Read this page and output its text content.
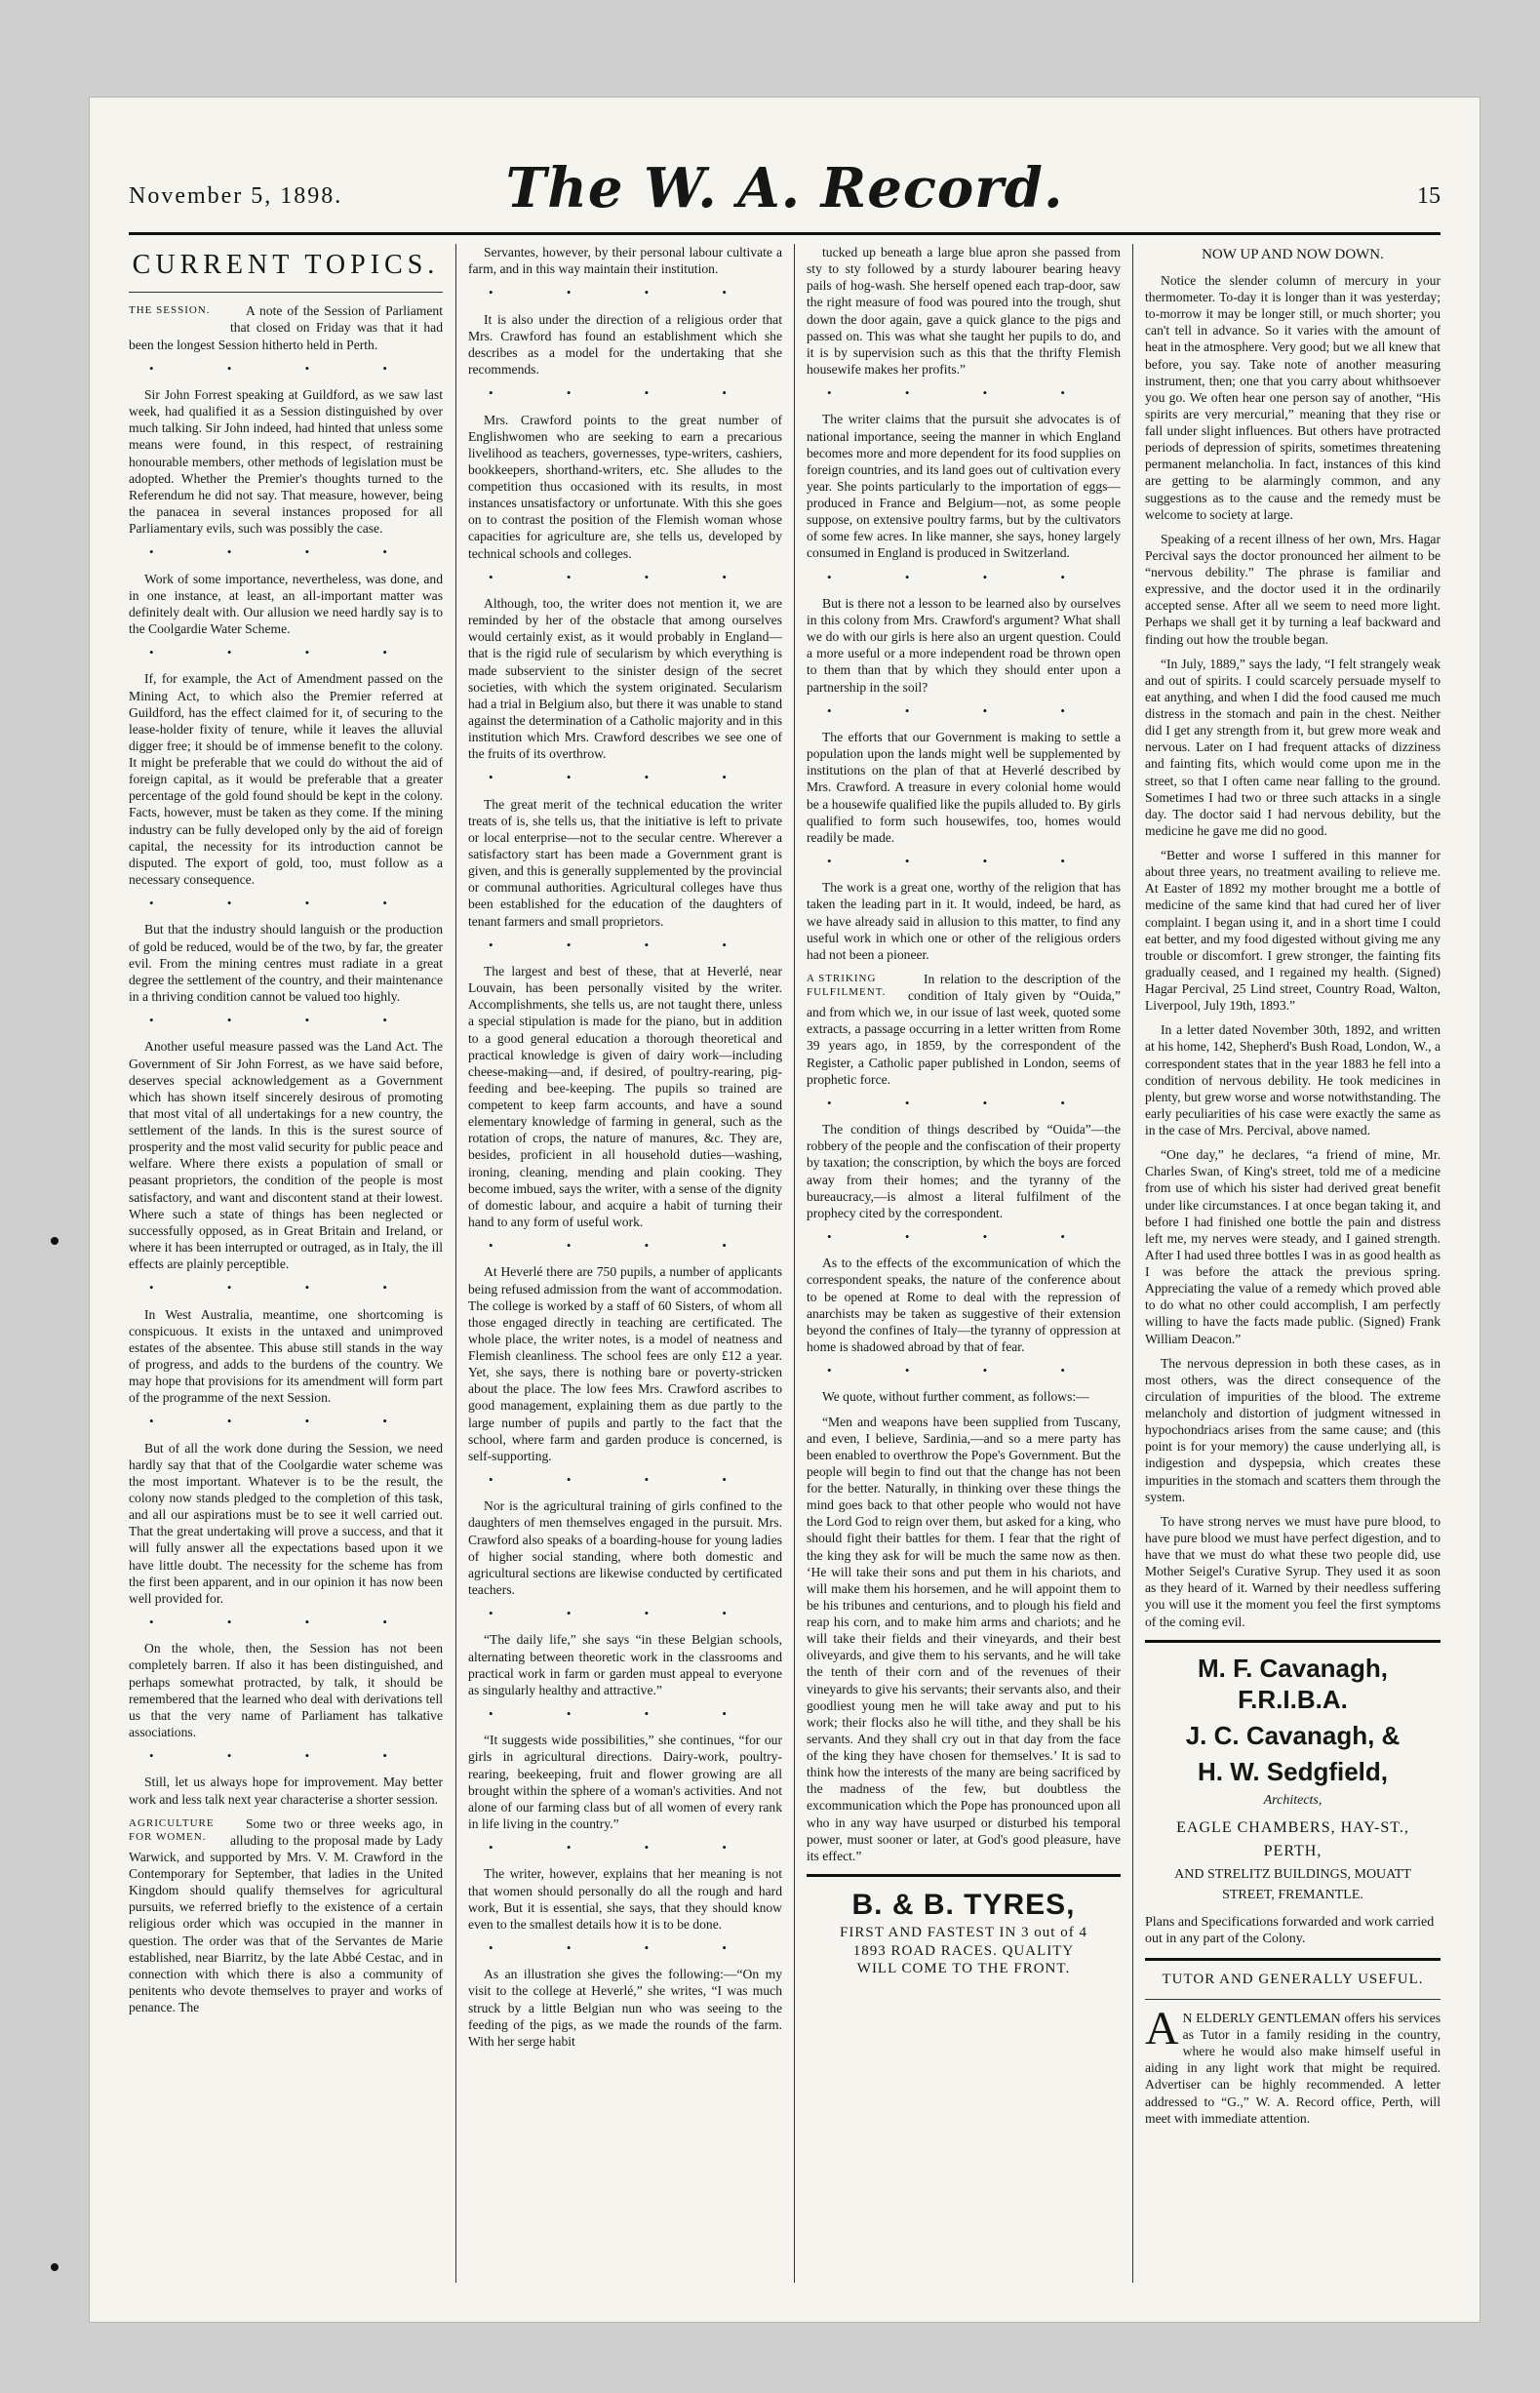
November 5, 1898.	The W. A. Record.	15
CURRENT TOPICS.
THE SESSION.	A note of the Session of Parliament that closed on Friday was that it had been the longest Session hitherto held in Perth.

• • • •

Sir John Forrest speaking at Guildford, as we saw last week, had qualified it as a Session distinguished by over much talking. Sir John indeed, had hinted that unless some means were found, in this respect, of restraining honourable members, other methods of legislation must be adopted. Whether the Premier's thoughts turned to the Referendum he did not say. That measure, however, being the panacea in several instances proposed for all Parliamentary evils, such was possibly the case.

• • • •

Work of some importance, nevertheless, was done, and in one instance, at least, an all-important matter was definitely dealt with. Our allusion we need hardly say is to the Coolgardie Water Scheme.

• • • •

If, for example, the Act of Amendment passed on the Mining Act, to which also the Premier referred at Guildford, has the effect claimed for it, of securing to the lease-holder fixity of tenure, while it leaves the alluvial digger free; it should be of immense benefit to the colony. It might be preferable that we could do without the aid of foreign capital, as it would be preferable that a greater percentage of the gold found should be kept in the colony. Facts, however, must be taken as they come. If the mining industry can be fully developed only by the aid of foreign capital, the necessity for its introduction cannot be disputed. The export of gold, too, must follow as a necessary consequence.

• • • •

But that the industry should languish or the production of gold be reduced, would be of the two, by far, the greater evil. From the mining centres must radiate in a great degree the settlement of the country, and their maintenance in a thriving condition cannot be valued too highly.

• • • •

Another useful measure passed was the Land Act. The Government of Sir John Forrest, as we have said before, deserves special acknowledgement as a Government which has shown itself sincerely desirous of promoting that most vital of all undertakings for a new country, the settlement of the lands. In this is the surest source of prosperity and the most valid security for public peace and welfare. Where there exists a population of small or peasant proprietors, the condition of the people is most satisfactory, and want and discontent stand at their lowest. Where such a state of things has been neglected or successfully opposed, as in Great Britain and Ireland, or where it has been interrupted or outraged, as in Italy, the ill effects are plainly perceptible.

• • • •

In West Australia, meantime, one shortcoming is conspicuous. It exists in the untaxed and unimproved estates of the absentee. This abuse still stands in the way of progress, and adds to the burdens of the country. We may hope that provisions for its amendment will form part of the programme of the next Session.

• • • •

But of all the work done during the Session, we need hardly say that that of the Coolgardie water scheme was the most important. Whatever is to be the result, the colony now stands pledged to the completion of this task, and all our aspirations must be to see it well carried out. That the great undertaking will prove a success, and that it will fully answer all the expectations based upon it we have little doubt. The necessity for the scheme has from the first been apparent, and in our opinion it has now been well provided for.

• • • •

On the whole, then, the Session has not been completely barren. If also it has been distinguished, and perhaps somewhat protracted, by talk, it should be remembered that the learned who deal with derivations tell us that the very name of Parliament has talkative associations.

• • • •

Still, let us always hope for improvement. May better work and less talk next year characterise a shorter session.

AGRICULTURE FOR WOMEN.

Some two or three weeks ago, in alluding to the proposal made by Lady Warwick, and supported by Mrs. V. M. Crawford in the Contemporary for September, that ladies in the United Kingdom should qualify themselves for agricultural pursuits, we referred briefly to the existence of a certain religious order which was occupied in the manner in question. The order was that of the Servantes de Marie established, near Biarritz, by the late Abbé Cestac, and in connection with which there is also a community of penitents who devote themselves to prayer and works of penance. The

Servantes, however, by their personal labour cultivate a farm, and in this way maintain their institution.

• • • •

It is also under the direction of a religious order that Mrs. Crawford has found an establishment which she describes as a model for the undertaking that she recommends.

• • • •

Mrs. Crawford points to the great number of Englishwomen who are seeking to earn a precarious livelihood as teachers, governesses, type-writers, cashiers, bookkeepers, shorthand-writers, etc. She alludes to the competition thus occasioned with its results, in most instances unsatisfactory or unfortunate. With this she goes on to contrast the position of the Flemish woman whose capacities for agriculture are, she tells us, developed by technical schools and colleges.

• • • •

Although, too, the writer does not mention it, we are reminded by her of the obstacle that among ourselves would certainly exist, as it would probably in England—that is the rigid rule of secularism by which everything is made subservient to the sinister design of the secret societies, with which the system originated. Secularism had a trial in Belgium also, but there it was unable to stand against the determination of a Catholic majority and in this institution which Mrs. Crawford describes we see one of the fruits of its overthrow.

• • • •

The great merit of the technical education the writer treats of is, she tells us, that the initiative is left to private or local enterprise—not to the secular centre. Wherever a satisfactory start has been made a Government grant is given, and this is generally supplemented by the provincial or communal authorities. Agricultural colleges have thus been established for the education of the daughters of tenant farmers and small proprietors.

• • • •

The largest and best of these, that at Heverlé, near Louvain, has been personally visited by the writer. Accomplishments, she tells us, are not taught there, unless a special stipulation is made for the piano, but in addition to a good general education a thorough theoretical and practical knowledge is given of dairy work—including cheese-making—and, if desired, of poultry-rearing, pig-feeding and bee-keeping. The pupils so trained are competent to keep farm accounts, and have a sound elementary knowledge of farming in general, such as the rotation of crops, the nature of manures, &c. They are, besides, proficient in all household duties—washing, ironing, cleaning, mending and plain cooking. They become imbued, says the writer, with a sense of the dignity of domestic labour, and acquire a habit of turning their hand to any form of useful work.

• • • •

At Heverlé there are 750 pupils, a number of applicants being refused admission from the want of accommodation. The college is worked by a staff of 60 Sisters, of whom all those engaged directly in teaching are certificated. The whole place, the writer notes, is a model of neatness and Flemish cleanliness. The school fees are only £12 a year. Yet, she says, there is nothing bare or poverty-stricken about the place. The low fees Mrs. Crawford ascribes to good management, explaining them as due partly to the large number of pupils and partly to the fact that the school, where farm and garden produce is concerned, is self-supporting.

• • • •

Nor is the agricultural training of girls confined to the daughters of men themselves engaged in the pursuit. Mrs. Crawford also speaks of a boarding-house for young ladies of higher social standing, where both domestic and agricultural sections are likewise conducted by certificated teachers.

• • • •

“The daily life,” she says “in these Belgian schools, alternating between theoretic work in the classrooms and practical work in farm or garden must appeal to everyone as singularly healthy and attractive.”

• • • •

“It suggests wide possibilities,” she continues, “for our girls in agricultural directions. Dairy-work, poultry-rearing, beekeeping, fruit and flower growing are all brought within the sphere of a woman's activities. And not alone of our farming class but of all women of every rank in life living in the country.”

• • • •

The writer, however, explains that her meaning is not that women should personally do all the rough and hard work, But it is essential, she says, that they should know even to the smallest details how it is to be done.

• • • •

As an illustration she gives the following:—“On my visit to the college at Heverlé,” she writes, “I was much struck by a little Belgian nun who was seeing to the feeding of the pigs, as we made the rounds of the farm. With her serge habit

tucked up beneath a large blue apron she passed from sty to sty followed by a sturdy labourer bearing heavy pails of hog-wash. She herself opened each trap-door, saw the right measure of food was poured into the trough, shut down the door again, gave a quick glance to the pigs and passed on. This was what she taught her pupils to do, and it is by supervision such as this that the thrifty Flemish housewife makes her profits.”

• • • •

The writer claims that the pursuit she advocates is of national importance, seeing the manner in which England becomes more and more dependent for its food supplies on foreign countries, and its land goes out of cultivation every year. She points particularly to the importation of eggs—produced in France and Belgium—not, as some people suppose, on extensive poultry farms, but by the cultivators of some few acres. In like manner, she says, honey largely consumed in England is produced in Switzerland.

• • • •

But is there not a lesson to be learned also by ourselves in this colony from Mrs. Crawford's argument? What shall we do with our girls is here also an urgent question. Could a more useful or a more independent road be thrown open to them than that by which they should enter upon a partnership in the soil?

• • • •

The efforts that our Government is making to settle a population upon the lands might well be supplemented by institutions on the plan of that at Heverlé described by Mrs. Crawford. A treasure in every colonial home would be a housewife qualified like the pupils alluded to. By girls qualified to form such housewifes, too, homes would readily be made.

• • • •

The work is a great one, worthy of the religion that has taken the leading part in it. It would, indeed, be hard, as we have already said in allusion to this matter, to find any useful work in which one or other of the religious orders had not been a pioneer.

A STRIKING FULFILMENT.

In relation to the description of the condition of Italy given by “Ouida,” and from which we, in our issue of last week, quoted some extracts, a passage occurring in a letter written from Rome 39 years ago, in 1859, by the correspondent of the Register, a Catholic paper published in London, seems of prophetic force.

• • • •

The condition of things described by “Ouida”—the robbery of the people and the confiscation of their property by taxation; the conscription, by which the boys are forced away from their homes; and the tyranny of the bureaucracy,—is almost a literal fulfilment of the prophecy cited by the correspondent.

• • • •

As to the effects of the excommunication of which the correspondent speaks, the nature of the conference about to be opened at Rome to deal with the repression of anarchists may be taken as suggestive of their extension beyond the confines of Italy—the tyranny of oppression at home is shadowed abroad by that of fear.

• • • •

We quote, without further comment, as follows:—

“Men and weapons have been supplied from Tuscany, and even, I believe, Sardinia,—and so a mere party has been enabled to overthrow the Pope's Government. But the people will begin to find out that the change has not been for the better. Naturally, in thinking over these things the mind goes back to that other people who would not have the Lord God to reign over them, but asked for a king, who should fight their battles for them. I fear that the right of the king they ask for will be much the same now as then. ‘He will take their sons and put them in his chariots, and will make them his horsemen, and he will appoint them to be his tribunes and centurions, and to plough his field and reap his corn, and to make him arms and chariots; and he will take their fields and their vineyards, and their best oliveyards, and give them to his servants, and he will take the tenth of their corn and of the revenues of their vineyards to give his servants; their servants also, and their goodliest young men he will take away and put to his work; their flocks also he will tithe, and they shall be his servants. And they shall cry out in that day from the face of the king they have chosen for themselves.’ It is sad to think how the interests of the many are being sacrificed by the madness of the few, but doubtless the excommunication which the Pope has pronounced upon all who in any way have usurped or disturbed his temporal power, must sooner or later, at God's good pleasure, have its effect.”

B. & B. TYRES,
FIRST AND FASTEST IN 3 out of 4
1893 ROAD RACES. QUALITY
WILL COME TO THE FRONT.
NOW UP AND NOW DOWN.

Notice the slender column of mercury in your thermometer. To-day it is longer than it was yesterday; to-morrow it may be longer still, or much shorter; you can't tell in advance. So it varies with the amount of heat in the atmosphere. Very good; but we all knew that before, you say. Take note of another measuring instrument, then; one that you carry about whithsoever you go. We often hear one person say of another, “His spirits are very mercurial,” meaning that they rise or fall under slight influences. But others have protracted periods of depression of spirits, sometimes threatening permanent melancholia. In fact, instances of this kind are getting to be alarmingly common, and any suggestions as to the cause and the remedy must be welcome to society at large.

Speaking of a recent illness of her own, Mrs. Hagar Percival says the doctor pronounced her ailment to be “nervous debility.” The phrase is familiar and expressive, and the doctor used it in the ordinarily accepted sense. After all we seem to need more light. Perhaps we shall get it by turning a leaf backward and finding out how the trouble began.

“In July, 1889,” says the lady, “I felt strangely weak and out of spirits. I could scarcely persuade myself to eat anything, and when I did the food caused me much distress in the stomach and pain in the chest. Neither did I get any strength from it, but grew more weak and nervous. Later on I had frequent attacks of dizziness and fainting fits, which would come upon me in the street, so that I often came near falling to the ground. Sometimes I had two or three such attacks in a single day. The doctor said I had nervous debility, but the medicine he gave me did no good.

“Better and worse I suffered in this manner for about three years, no treatment availing to relieve me. At Easter of 1892 my mother brought me a bottle of medicine of the same kind that had cured her of liver complaint. I began using it, and in a short time I could eat better, and my food digested without giving me any trouble or discomfort. I grew stronger, the fainting fits gradually ceased, and I regained my health. (Signed) Hagar Percival, 25 Lind street, Country Road, Walton, Liverpool, July 19th, 1893.”

In a letter dated November 30th, 1892, and written at his home, 142, Shepherd's Bush Road, London, W., a correspondent states that in the year 1883 he fell into a condition of nervous debility. He took medicines in plenty, but grew worse and worse notwithstanding. The early peculiarities of his case were exactly the same as in the case of Mrs. Percival, above named.

“One day,” he declares, “a friend of mine, Mr. Charles Swan, of King's street, told me of a medicine from use of which his sister had derived great benefit under like circumstances. I at once began taking it, and before I had finished one bottle the pain and distress left me, my nerves were steady, and I gained strength. After I had used three bottles I was in as good health as I was before the attack the previous spring. Appreciating the value of a remedy which proved able to do what no other could accomplish, I am perfectly willing to have the facts made public. (Signed) Frank William Deacon.”

The nervous depression in both these cases, as in most others, was the direct consequence of the circulation of impurities of the blood. The extreme melancholy and distortion of judgment witnessed in hypochondriacs arises from the same cause; and (this point is for your memory) the cause underlying all, is indigestion and dyspepsia, which creates these impurities in the stomach and scatters them through the system.

To have strong nerves we must have pure blood, to have pure blood we must have perfect digestion, and to have that we must do what these two people did, use Mother Seigel's Curative Syrup. They used it as soon as they heard of it. Warned by their needless suffering you will use it the moment you feel the first symptoms of the coming evil.

M. F. Cavanagh, F.R.I.B.A.
J. C. Cavanagh, &
H. W. Sedgfield,
Architects,
EAGLE CHAMBERS, HAY-ST.,
PERTH,
AND STRELITZ BUILDINGS, MOUATT
STREET, FREMANTLE.
Plans and Specifications forwarded and work carried out in any part of the Colony.
TUTOR AND GENERALLY USEFUL.
A N ELDERLY GENTLEMAN offers his services as Tutor in a family residing in the country, where he would also make himself useful in aiding in any light work that might be required. Advertiser can be highly recommended. A letter addressed to “G.,” W. A. Record office, Perth, will meet with immediate attention.
